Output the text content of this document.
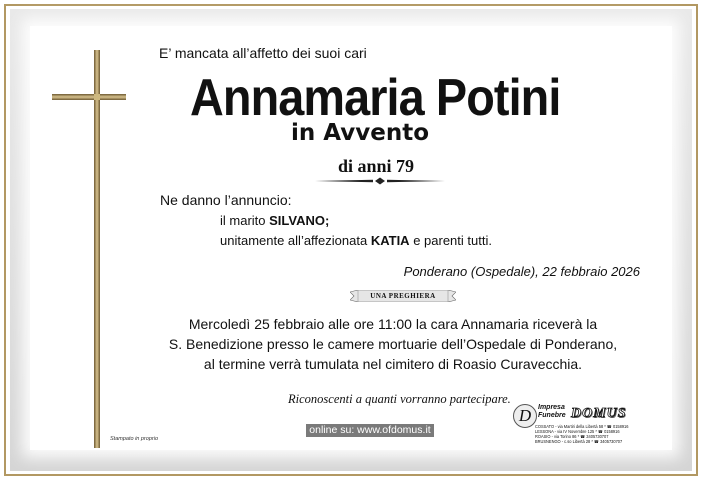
E’ mancata all’affetto dei suoi cari
Annamaria Potini
in Avvento
di anni 79
Ne danno l’annuncio:
il marito SILVANO;
unitamente all’affezionata KATIA e parenti tutti.
Ponderano (Ospedale), 22 febbraio 2026
UNA PREGHIERA
Mercoledì 25 febbraio alle ore 11:00 la cara Annamaria riceverà la
S. Benedizione presso le camere mortuarie dell’Ospedale di Ponderano,
al termine verrà tumulata nel cimitero di Roasio Curavecchia.
Riconoscenti a quanti vorranno partecipare.
online su: www.ofdomus.it
Stampato in proprio
D Impresa
Funebre DOMUS
COSSATO - via Martiri della Libertà 58 * ☎ 0158916
LESSONA - via IV Novembre 125 * ☎ 0158916
ROASIO - via Torino 86 * ☎ 3405730707
BRUSNENGO - c.so Libertà 28 * ☎ 3405730707
